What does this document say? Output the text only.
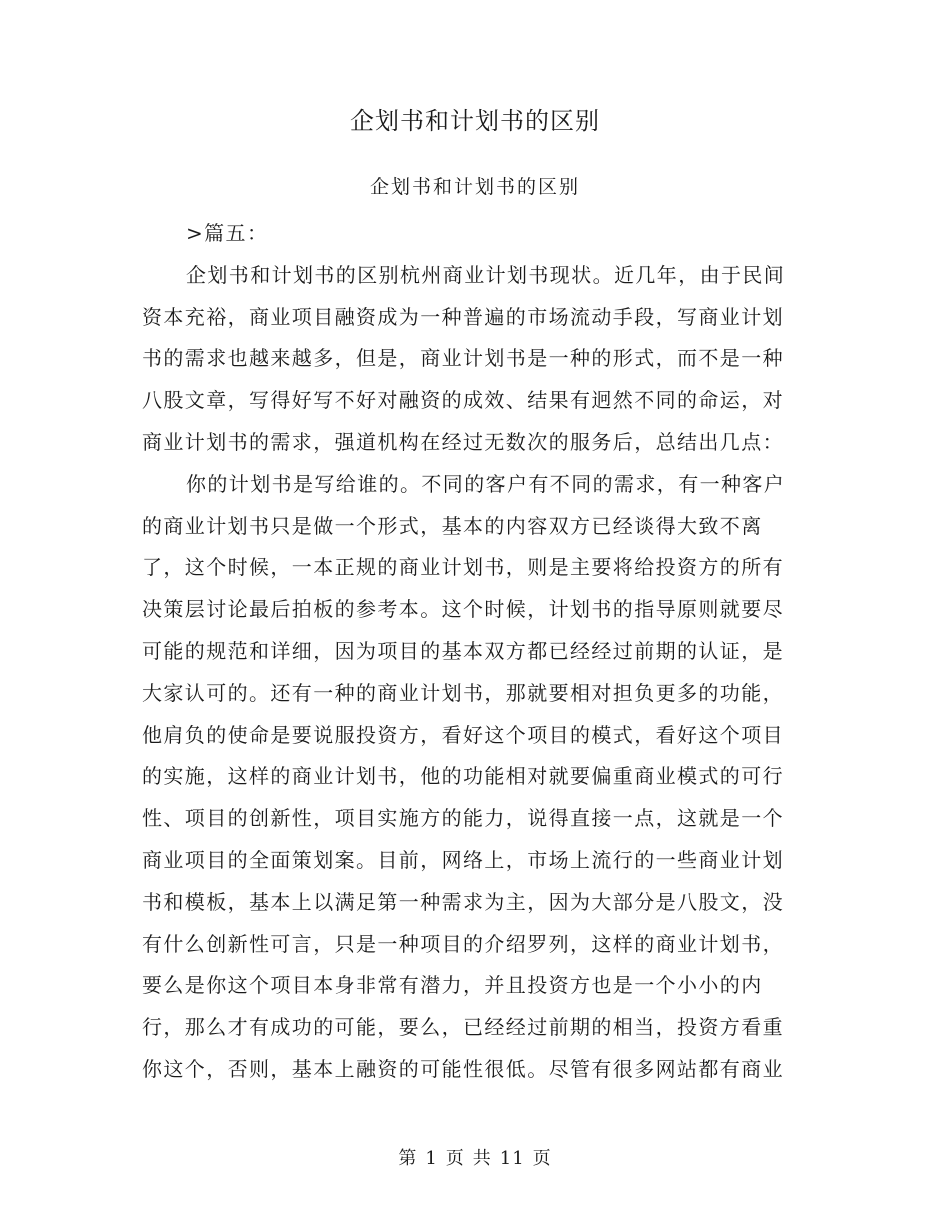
企划书和计划书的区别
企划书和计划书的区别
>篇五：
企划书和计划书的区别杭州商业计划书现状。近几年，由于民间
资本充裕，商业项目融资成为一种普遍的市场流动手段，写商业计划
书的需求也越来越多，但是，商业计划书是一种的形式，而不是一种
八股文章，写得好写不好对融资的成效、结果有迥然不同的命运，对
商业计划书的需求，强道机构在经过无数次的服务后，总结出几点：
你的计划书是写给谁的。不同的客户有不同的需求，有一种客户
的商业计划书只是做一个形式，基本的内容双方已经谈得大致不离
了，这个时候，一本正规的商业计划书，则是主要将给投资方的所有
决策层讨论最后拍板的参考本。这个时候，计划书的指导原则就要尽
可能的规范和详细，因为项目的基本双方都已经经过前期的认证，是
大家认可的。还有一种的商业计划书，那就要相对担负更多的功能，
他肩负的使命是要说服投资方，看好这个项目的模式，看好这个项目
的实施，这样的商业计划书，他的功能相对就要偏重商业模式的可行
性、项目的创新性，项目实施方的能力，说得直接一点，这就是一个
商业项目的全面策划案。目前，网络上，市场上流行的一些商业计划
书和模板，基本上以满足第一种需求为主，因为大部分是八股文，没
有什么创新性可言，只是一种项目的介绍罗列，这样的商业计划书，
要么是你这个项目本身非常有潜力，并且投资方也是一个小小的内
行，那么才有成功的可能，要么，已经经过前期的相当，投资方看重
你这个，否则，基本上融资的可能性很低。尽管有很多网站都有商业
第 1 页 共 11 页
